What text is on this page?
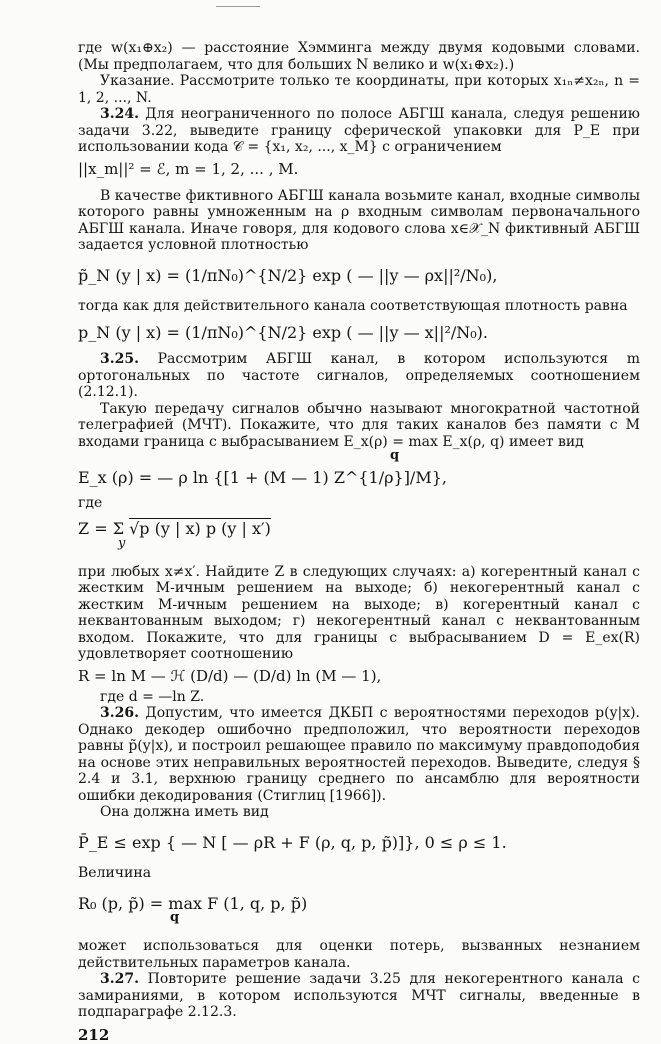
где w(x₁⊕x₂) — расстояние Хэмминга между двумя кодовыми словами. (Мы предполагаем, что для больших N велико и w(x₁⊕x₂).)

Указание. Рассмотрите только те координаты, при которых x₁ₙ≠x₂ₙ, n = 1, 2, ..., N.

3.24. Для неограниченного по полосе АБГШ канала, следуя решению задачи 3.22, выведите границу сферической упаковки для P_E при использовании кода 𝒞 = {x₁, x₂, ..., x_M} с ограничением

||x_m||² = ℰ, m = 1, 2, ... , M.

В качестве фиктивного АБГШ канала возьмите канал, входные символы которого равны умноженным на ρ входным символам первоначального АБГШ канала. Иначе говоря, для кодового слова x∈𝒳_N фиктивный АБГШ задается условной плотностью

p̃_N (y | x) = (1/πN₀)^{N/2} exp ( — ||y — ρx||²/N₀),

тогда как для действительного канала соответствующая плотность равна

p_N (y | x) = (1/πN₀)^{N/2} exp ( — ||y — x||²/N₀).

3.25. Рассмотрим АБГШ канал, в котором используются m ортогональных по частоте сигналов, определяемых соотношением (2.12.1).

Такую передачу сигналов обычно называют многократной частотной телеграфией (МЧТ). Покажите, что для таких каналов без памяти с M входами граница с выбрасыванием E_x(ρ) = max E_x(ρ, q) имеет вид

q

E_x (ρ) = — ρ ln {[1 + (M — 1) Z^{1/ρ}]/M},

где

Z = Σ √p (y | x) p (y | x′)

y

при любых x≠x′. Найдите Z в следующих случаях: а) когерентный канал с жестким M-ичным решением на выходе; б) некогерентный канал с жестким M-ичным решением на выходе; в) когерентный канал с неквантованным выходом; г) некогерентный канал с неквантованным входом. Покажите, что для границы с выбрасыванием D = E_ex(R) удовлетворяет соотношению

R = ln M — ℋ (D/d) — (D/d) ln (M — 1),

где d = —ln Z.

3.26. Допустим, что имеется ДКБП с вероятностями переходов p(y|x). Однако декодер ошибочно предположил, что вероятности переходов равны p̃(y|x), и построил решающее правило по максимуму правдоподобия на основе этих неправильных вероятностей переходов. Выведите, следуя § 2.4 и 3.1, верхнюю границу среднего по ансамблю для вероятности ошибки декодирования (Стиглиц [1966]).

Она должна иметь вид

P̄_E ≤ exp { — N [ — ρR + F (ρ, q, p, p̃)]}, 0 ≤ ρ ≤ 1.

Величина

R₀ (p, p̃) = max F (1, q, p, p̃)

q

может использоваться для оценки потерь, вызванных незнанием действительных параметров канала.

3.27. Повторите решение задачи 3.25 для некогерентного канала с замираниями, в котором используются МЧТ сигналы, введенные в подпараграфе 2.12.3.

212
